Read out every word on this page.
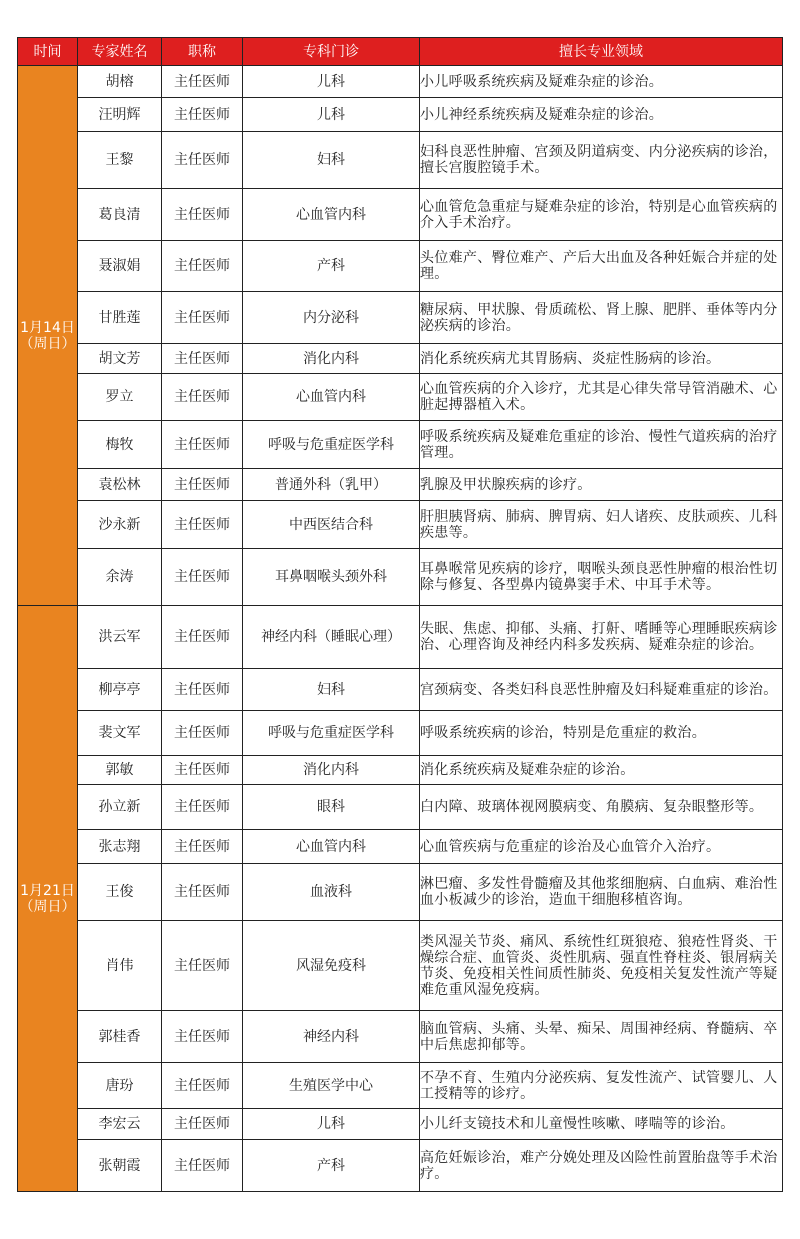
时间	专家姓名	职称	专科门诊	擅长专业领域

1月14日
（周日）	胡榕	主任医师	儿科	小儿呼吸系统疾病及疑难杂症的诊治。
	汪明辉	主任医师	儿科	小儿神经系统疾病及疑难杂症的诊治。
	王黎	主任医师	妇科	妇科良恶性肿瘤、宫颈及阴道病变、内分泌疾病的诊治，擅长宫腹腔镜手术。
	葛良清	主任医师	心血管内科	心血管危急重症与疑难杂症的诊治，特别是心血管疾病的介入手术治疗。
	聂淑娟	主任医师	产科	头位难产、臀位难产、产后大出血及各种妊娠合并症的处理。
	甘胜莲	主任医师	内分泌科	糖尿病、甲状腺、骨质疏松、肾上腺、肥胖、垂体等内分泌疾病的诊治。
	胡文芳	主任医师	消化内科	消化系统疾病尤其胃肠病、炎症性肠病的诊治。
	罗立	主任医师	心血管内科	心血管疾病的介入诊疗，尤其是心律失常导管消融术、心脏起搏器植入术。
	梅牧	主任医师	呼吸与危重症医学科	呼吸系统疾病及疑难危重症的诊治、慢性气道疾病的治疗管理。
	袁松林	主任医师	普通外科（乳甲）	乳腺及甲状腺疾病的诊疗。
	沙永新	主任医师	中西医结合科	肝胆胰肾病、肺病、脾胃病、妇人诸疾、皮肤顽疾、儿科疾患等。
	余涛	主任医师	耳鼻咽喉头颈外科	耳鼻喉常见疾病的诊疗，咽喉头颈良恶性肿瘤的根治性切除与修复、各型鼻内镜鼻窦手术、中耳手术等。

1月21日
（周日）	洪云军	主任医师	神经内科（睡眠心理）	失眠、焦虑、抑郁、头痛、打鼾、嗜睡等心理睡眠疾病诊治、心理咨询及神经内科多发疾病、疑难杂症的诊治。
	柳亭亭	主任医师	妇科	宫颈病变、各类妇科良恶性肿瘤及妇科疑难重症的诊治。
	裴文军	主任医师	呼吸与危重症医学科	呼吸系统疾病的诊治，特别是危重症的救治。
	郭敏	主任医师	消化内科	消化系统疾病及疑难杂症的诊治。
	孙立新	主任医师	眼科	白内障、玻璃体视网膜病变、角膜病、复杂眼整形等。
	张志翔	主任医师	心血管内科	心血管疾病与危重症的诊治及心血管介入治疗。
	王俊	主任医师	血液科	淋巴瘤、多发性骨髓瘤及其他浆细胞病、白血病、难治性血小板减少的诊治，造血干细胞移植咨询。
	肖伟	主任医师	风湿免疫科	类风湿关节炎、痛风、系统性红斑狼疮、狼疮性肾炎、干燥综合症、血管炎、炎性肌病、强直性脊柱炎、银屑病关节炎、免疫相关性间质性肺炎、免疫相关复发性流产等疑难危重风湿免疫病。
	郭桂香	主任医师	神经内科	脑血管病、头痛、头晕、痴呆、周围神经病、脊髓病、卒中后焦虑抑郁等。
	唐玢	主任医师	生殖医学中心	不孕不育、生殖内分泌疾病、复发性流产、试管婴儿、人工授精等的诊疗。
	李宏云	主任医师	儿科	小儿纤支镜技术和儿童慢性咳嗽、哮喘等的诊治。
	张朝霞	主任医师	产科	高危妊娠诊治，难产分娩处理及凶险性前置胎盘等手术治疗。
